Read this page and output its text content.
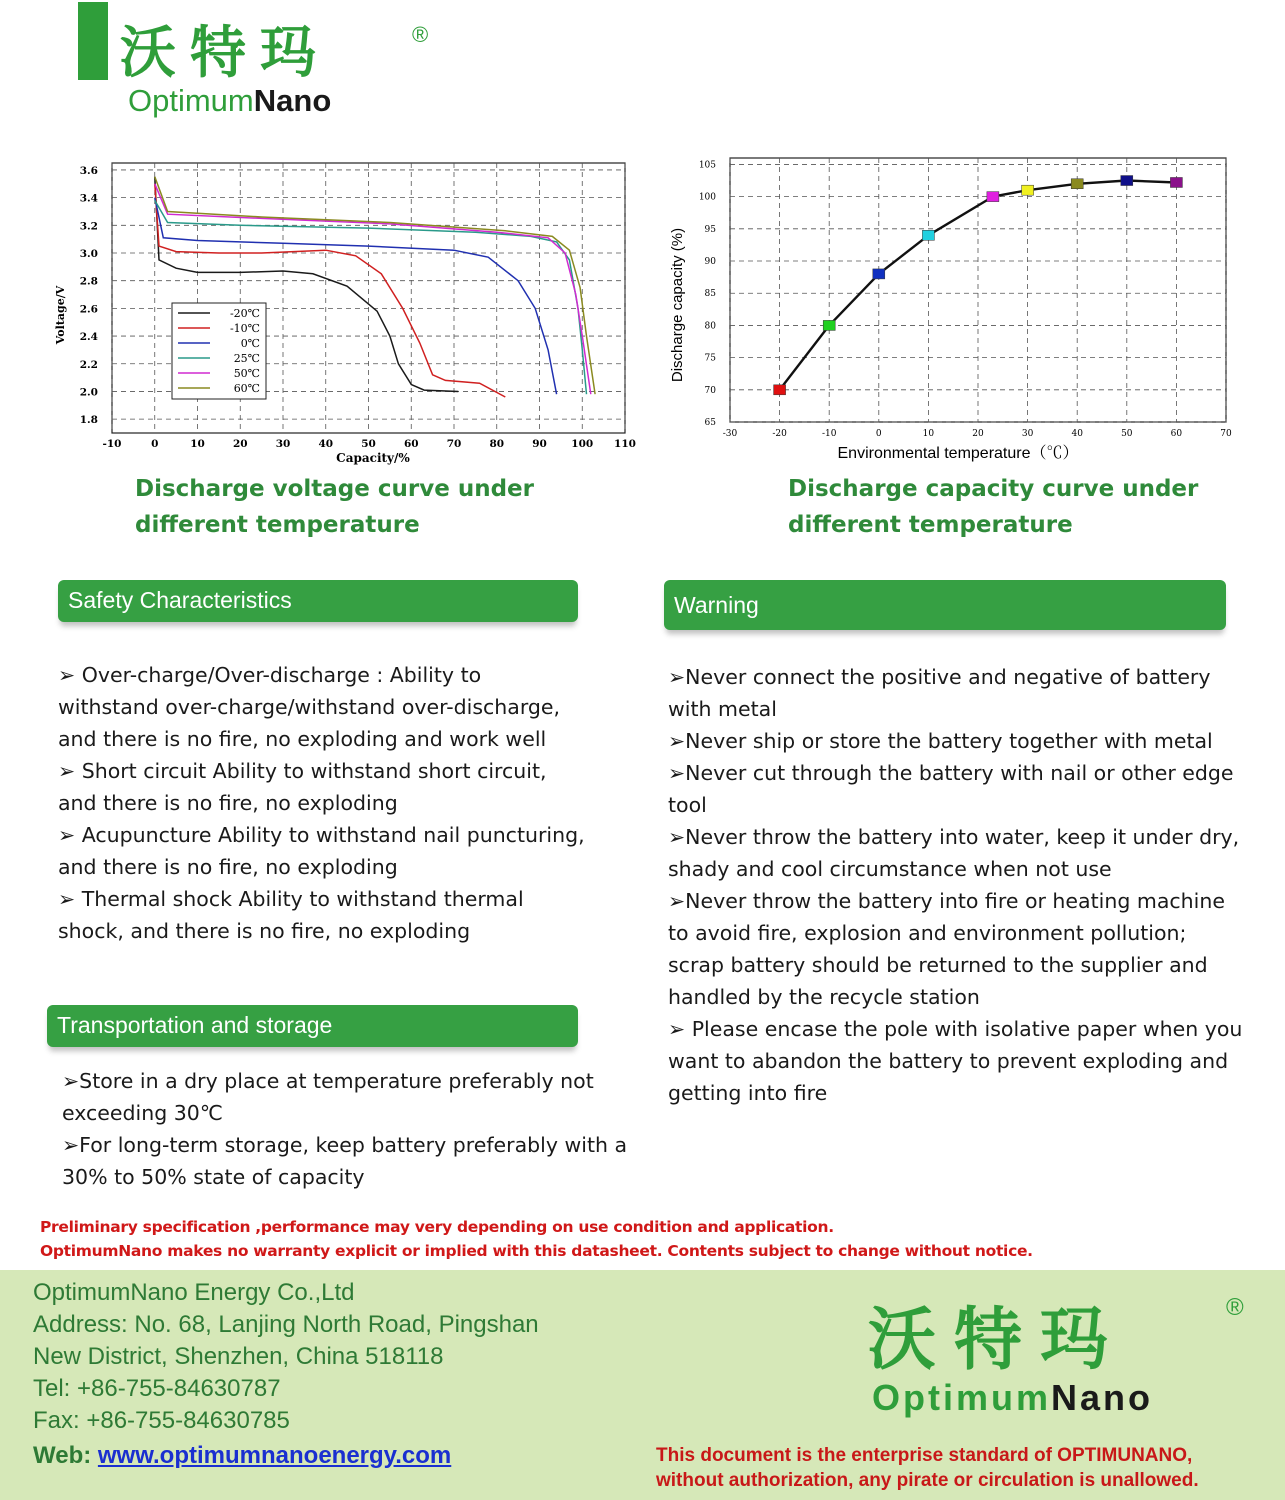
沃特玛	®
OptimumNano
3.6
3.4
3.2
3.0
2.8
2.6
2.4
2.2
2.0
1.8
-10	0	10	20	30	40	50	60	70	80	90 100 110
-20℃
-10℃
0℃
25℃
50℃
60℃
Capacity/%
Voltage/V
105
100
95
90
85
80
75
70
65
-30	-20	-10	0	10	20	30	40	50	60	70
Environmental temperature（℃）
Discharge capacity (%)
Discharge voltage curve under
different temperature
Discharge capacity curve under
different temperature
Safety Characteristics
➢ Over-charge/Over-discharge : Ability to withstand over-charge/withstand over-discharge, and there is no fire, no exploding and work well
➢ Short circuit Ability to withstand short circuit, and there is no fire, no exploding
➢ Acupuncture Ability to withstand nail puncturing, and there is no fire, no exploding
➢ Thermal shock Ability to withstand thermal shock, and there is no fire, no exploding
Transportation and storage
➢Store in a dry place at temperature preferably not exceeding 30℃
➢For long-term storage, keep battery preferably with a 30% to 50% state of capacity
Warning
➢Never connect the positive and negative of battery with metal
➢Never ship or store the battery together with metal
➢Never cut through the battery with nail or other edge tool
➢Never throw the battery into water, keep it under dry, shady and cool circumstance when not use
➢Never throw the battery into fire or heating machine to avoid fire, explosion and environment pollution; scrap battery should be returned to the supplier and handled by the recycle station
➢ Please encase the pole with isolative paper when you want to abandon the battery to prevent exploding and getting into fire
Preliminary specification ,performance may very depending on use condition and application.
OptimumNano makes no warranty explicit or implied with this datasheet. Contents subject to change without notice.
OptimumNano Energy Co.,Ltd
Address: No. 68, Lanjing North Road, Pingshan
New District, Shenzhen, China 518118
Tel: +86-755-84630787
Fax: +86-755-84630785
Web: www.optimumnanoenergy.com
沃特玛	®
OptimumNano
This document is the enterprise standard of OPTIMUNANO,
without authorization, any pirate or circulation is unallowed.
